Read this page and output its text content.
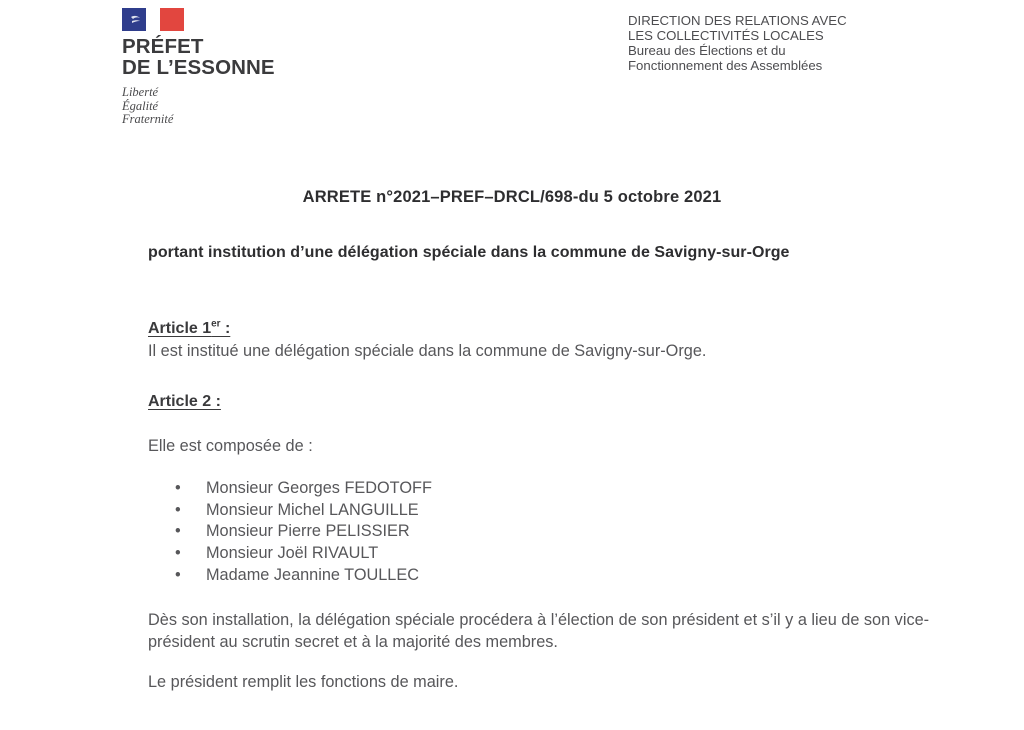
PRÉFET
DE L’ESSONNE
Liberté
Égalité
Fraternité
DIRECTION DES RELATIONS AVEC
LES COLLECTIVITÉS LOCALES
Bureau des Élections et du
Fonctionnement des Assemblées
ARRETE n°2021–PREF–DRCL/698-du 5 octobre 2021
portant institution d’une délégation spéciale dans la commune de Savigny-sur-Orge
Article 1er :
Il est institué une délégation spéciale dans la commune de Savigny-sur-Orge.
Article 2 :
Elle est composée de :
• Monsieur Georges FEDOTOFF
• Monsieur Michel LANGUILLE
• Monsieur Pierre PELISSIER
• Monsieur Joël RIVAULT
• Madame Jeannine TOULLEC
Dès son installation, la délégation spéciale procédera à l’élection de son président et s’il y a lieu de son vice-président au scrutin secret et à la majorité des membres.
Le président remplit les fonctions de maire.
